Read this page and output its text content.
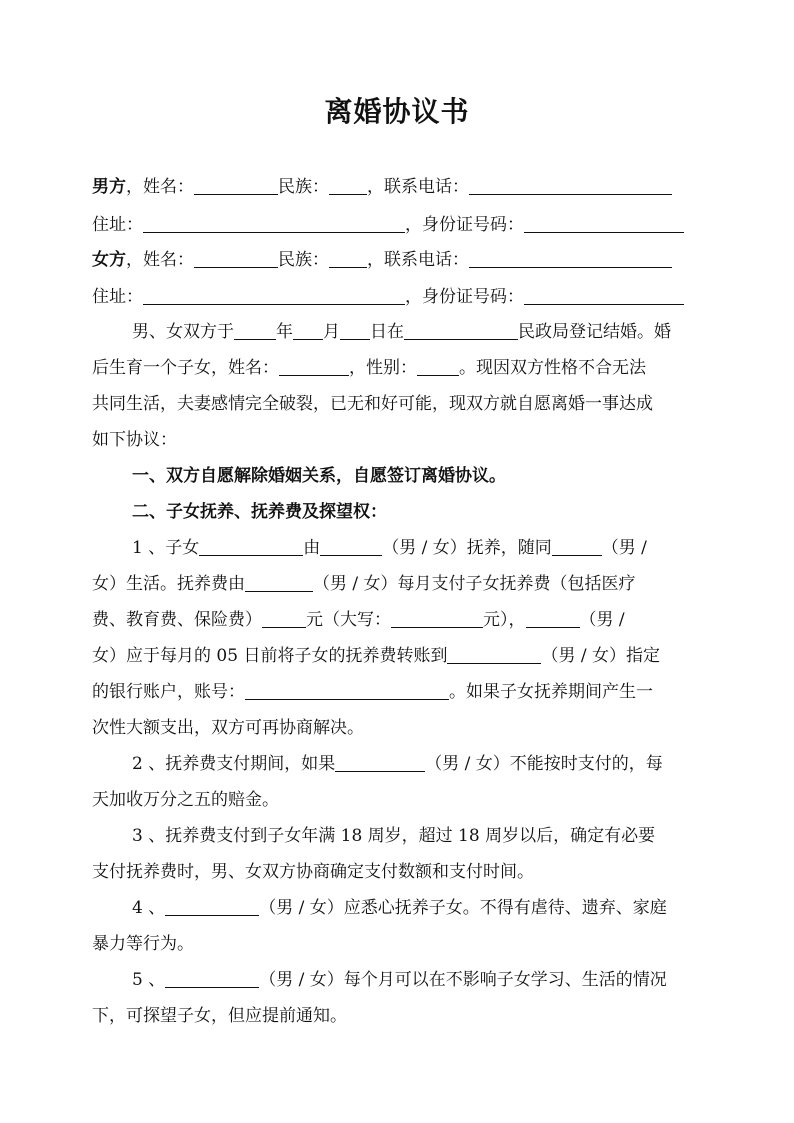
离婚协议书
男方，姓名：	民族： ，联系电话：
住址：	，身份证号码：
女方，姓名：	民族： ，联系电话：
住址：	，身份证号码：
男、女双方于 年 月 日在	民政局登记结婚。婚
后生育一个子女，姓名：	，性别： 。现因双方性格不合无法
共同生活，夫妻感情完全破裂，已无和好可能，现双方就自愿离婚一事达成
如下协议：
一、双方自愿解除婚姻关系，自愿签订离婚协议。
二、子女抚养、抚养费及探望权：
1 、子女	由	（男 / 女）抚养，随同	（男 /
女）生活。抚养费由	（男 / 女）每月支付子女抚养费（包括医疗
费、教育费、保险费）	元（大写：	元），	（男 /
女）应于每月的 05 日前将子女的抚养费转账到	（男 / 女）指定
的银行账户，账号：	。如果子女抚养期间产生一
次性大额支出，双方可再协商解决。
2 、抚养费支付期间，如果	（男 / 女）不能按时支付的，每
天加收万分之五的赔金。
3 、抚养费支付到子女年满 18 周岁，超过 18 周岁以后，确定有必要
支付抚养费时，男、女双方协商确定支付数额和支付时间。
4 、	（男 / 女）应悉心抚养子女。不得有虐待、遗弃、家庭
暴力等行为。
5 、	（男 / 女）每个月可以在不影响子女学习、生活的情况
下，可探望子女，但应提前通知。
